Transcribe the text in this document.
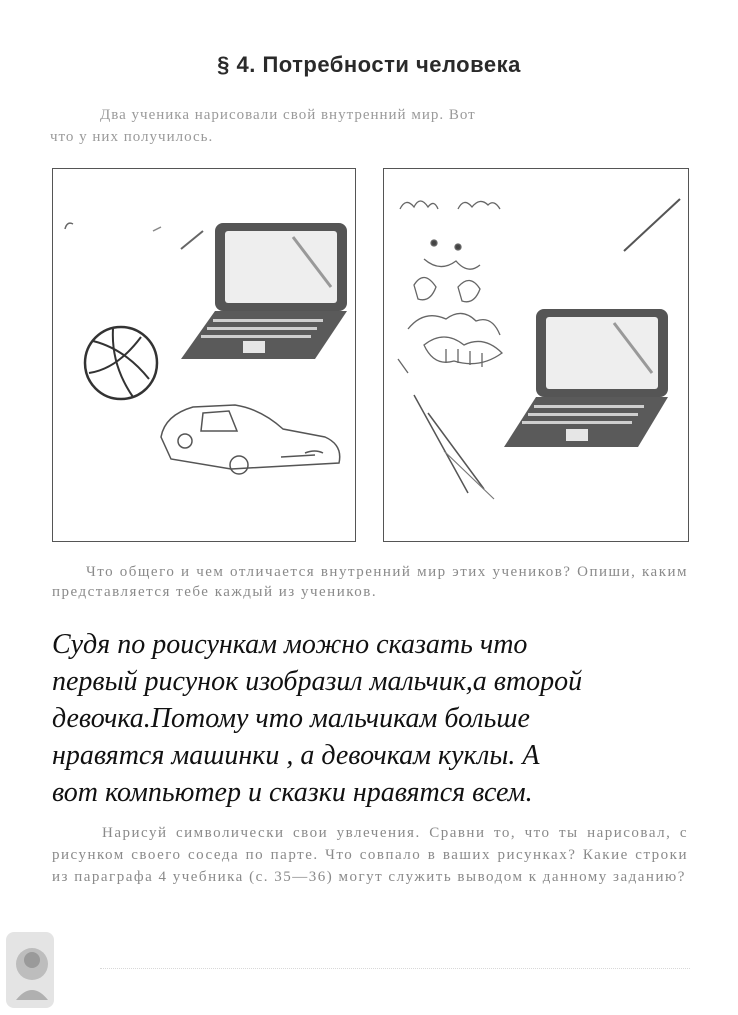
§ 4. Потребности человека
Два ученика нарисовали свой внутренний мир. Вот
что у них получилось.
Что общего и чем отличается внутренний мир этих учеников? Опиши, каким представляется тебе каждый из учеников.
Судя по роисункам можно сказать что
первый рисунок изобразил мальчик,а второй
девочка.Потому что мальчикам больше
нравятся машинки , а девочкам куклы. А
вот компьютер и сказки нравятся всем.
Нарисуй символически свои увлечения. Сравни то, что ты нарисовал, с рисунком своего соседа по парте. Что совпало в ваших рисунках? Какие строки из параграфа 4 учебника (с. 35—36) могут служить выводом к данному заданию?
